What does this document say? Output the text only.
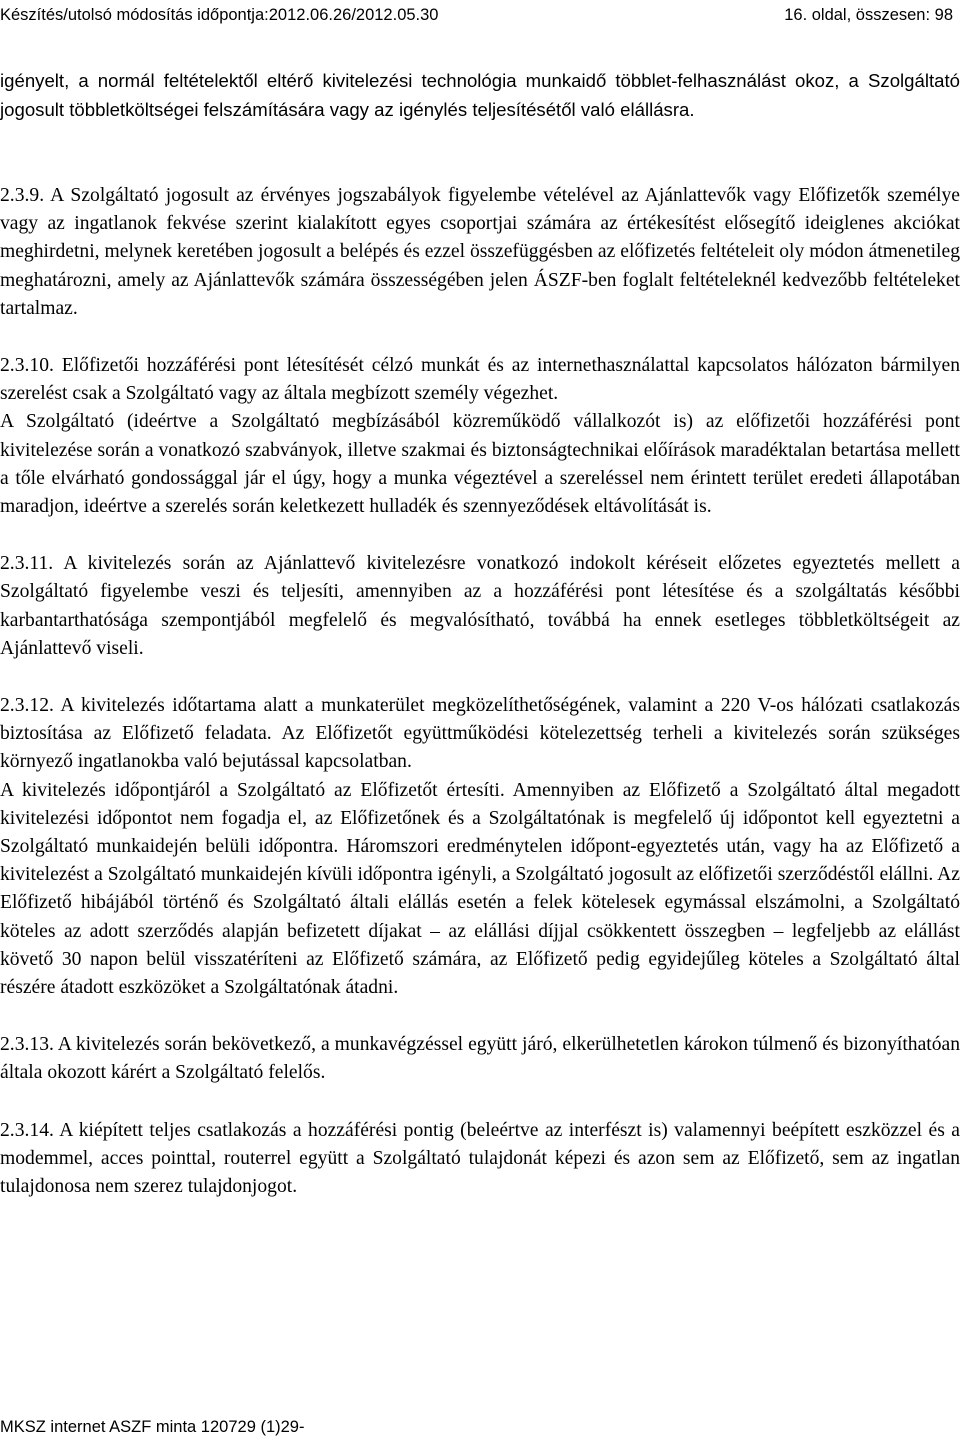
Készítés/utolsó módosítás időpontja:2012.06.26/2012.05.30	16. oldal, összesen: 98

igényelt, a normál feltételektől eltérő kivitelezési technológia munkaidő többlet-felhasználást okoz, a Szolgáltató jogosult többletköltségei felszámítására vagy az igénylés teljesítésétől való elállásra.

2.3.9. A Szolgáltató jogosult az érvényes jogszabályok figyelembe vételével az Ajánlattevők vagy Előfizetők személye vagy az ingatlanok fekvése szerint kialakított egyes csoportjai számára az értékesítést elősegítő ideiglenes akciókat meghirdetni, melynek keretében jogosult a belépés és ezzel összefüggésben az előfizetés feltételeit oly módon átmenetileg meghatározni, amely az Ajánlattevők számára összességében jelen ÁSZF-ben foglalt feltételeknél kedvezőbb feltételeket tartalmaz.

2.3.10. Előfizetői hozzáférési pont létesítését célzó munkát és az internethasználattal kapcsolatos hálózaton bármilyen szerelést csak a Szolgáltató vagy az általa megbízott személy végezhet.

A Szolgáltató (ideértve a Szolgáltató megbízásából közreműködő vállalkozót is) az előfizetői hozzáférési pont kivitelezése során a vonatkozó szabványok, illetve szakmai és biztonságtechnikai előírások maradéktalan betartása mellett a tőle elvárható gondossággal jár el úgy, hogy a munka végeztével a szereléssel nem érintett terület eredeti állapotában maradjon, ideértve a szerelés során keletkezett hulladék és szennyeződések eltávolítását is.

2.3.11. A kivitelezés során az Ajánlattevő kivitelezésre vonatkozó indokolt kéréseit előzetes egyeztetés mellett a Szolgáltató figyelembe veszi és teljesíti, amennyiben az a hozzáférési pont létesítése és a szolgáltatás későbbi karbantarthatósága szempontjából megfelelő és megvalósítható, továbbá ha ennek esetleges többletköltségeit az Ajánlattevő viseli.

2.3.12. A kivitelezés időtartama alatt a munkaterület megközelíthetőségének, valamint a 220 V-os hálózati csatlakozás biztosítása az Előfizető feladata. Az Előfizetőt együttműködési kötelezettség terheli a kivitelezés során szükséges környező ingatlanokba való bejutással kapcsolatban.

A kivitelezés időpontjáról a Szolgáltató az Előfizetőt értesíti. Amennyiben az Előfizető a Szolgáltató által megadott kivitelezési időpontot nem fogadja el, az Előfizetőnek és a Szolgáltatónak is megfelelő új időpontot kell egyeztetni a Szolgáltató munkaidején belüli időpontra. Háromszori eredménytelen időpont-egyeztetés után, vagy ha az Előfizető a kivitelezést a Szolgáltató munkaidején kívüli időpontra igényli, a Szolgáltató jogosult az előfizetői szerződéstől elállni. Az Előfizető hibájából történő és Szolgáltató általi elállás esetén a felek kötelesek egymással elszámolni, a Szolgáltató köteles az adott szerződés alapján befizetett díjakat – az elállási díjjal csökkentett összegben – legfeljebb az elállást követő 30 napon belül visszatéríteni az Előfizető számára, az Előfizető pedig egyidejűleg köteles a Szolgáltató által részére átadott eszközöket a Szolgáltatónak átadni.

2.3.13. A kivitelezés során bekövetkező, a munkavégzéssel együtt járó, elkerülhetetlen károkon túlmenő és bizonyíthatóan általa okozott kárért a Szolgáltató felelős.

2.3.14. A kiépített teljes csatlakozás a hozzáférési pontig (beleértve az interfészt is) valamennyi beépített eszközzel és a modemmel, acces pointtal, routerrel együtt a Szolgáltató tulajdonát képezi és azon sem az Előfizető, sem az ingatlan tulajdonosa nem szerez tulajdonjogot.

MKSZ internet ASZF minta 120729 (1)29-
